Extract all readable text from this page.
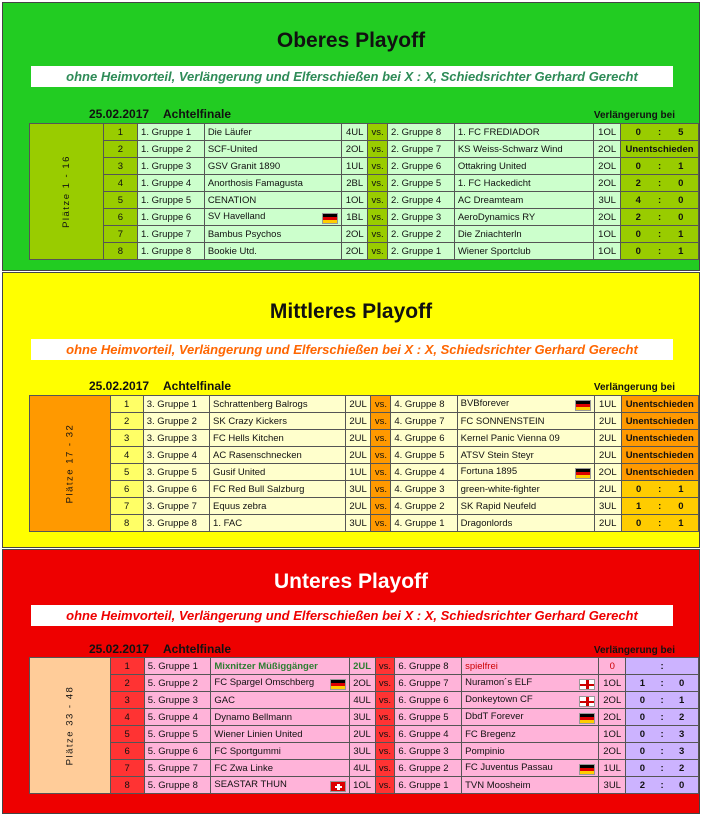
Oberes Playoff
ohne Heimvorteil, Verlängerung und Elferschießen bei X : X, Schiedsrichter Gerhard Gerecht
25.02.2017 Achtelfinale	Verlängerung bei
Plätze 1 - 16	1	1. Gruppe 1	Die Läufer	4UL	vs.	2. Gruppe 8	1. FC FREDIADOR	1OL	0 : 5

	2	1. Gruppe 2	SCF-United	2OL	vs.	2. Gruppe 7	KS Weiss-Schwarz Wind	2OL	Unentschieden
	3	1. Gruppe 3	GSV Granit 1890	1UL	vs.	2. Gruppe 6	Ottakring United	2OL	0 : 1

	4	1. Gruppe 4	Anorthosis Famagusta	2BL	vs.	2. Gruppe 5	1. FC Hackedicht	2OL	2 : 0

	5	1. Gruppe 5	CENATION	1OL	vs.	2. Gruppe 4	AC Dreamteam	3UL	4 : 0

	6	1. Gruppe 6	SV Havelland	1BL	vs.	2. Gruppe 3	AeroDynamics RY	2OL	2 : 0

	7	1. Gruppe 7	Bambus Psychos	2OL	vs.	2. Gruppe 2	Die Zniachterln	1OL	0 : 1

	8	1. Gruppe 8	Bookie Utd.	2OL	vs.	2. Gruppe 1	Wiener Sportclub	1OL	0 : 1
Mittleres Playoff
ohne Heimvorteil, Verlängerung und Elferschießen bei X : X, Schiedsrichter Gerhard Gerecht
25.02.2017 Achtelfinale	Verlängerung bei
Plätze 17 - 32	1	3. Gruppe 1	Schrattenberg Balrogs	2UL	vs.	4. Gruppe 8	BVBforever	1UL	Unentschieden
	2	3. Gruppe 2	SK Crazy Kickers	2UL	vs.	4. Gruppe 7	FC SONNENSTEIN	2UL	Unentschieden
	3	3. Gruppe 3	FC Hells Kitchen	2UL	vs.	4. Gruppe 6	Kernel Panic Vienna 09	2UL	Unentschieden
	4	3. Gruppe 4	AC Rasenschnecken	2UL	vs.	4. Gruppe 5	ATSV Stein Steyr	2UL	Unentschieden
	5	3. Gruppe 5	Gusif United	1UL	vs.	4. Gruppe 4	Fortuna 1895	2OL	Unentschieden
	6	3. Gruppe 6	FC Red Bull Salzburg	3UL	vs.	4. Gruppe 3	green-white-fighter	2UL	0 : 1

	7	3. Gruppe 7	Equus zebra	2UL	vs.	4. Gruppe 2	SK Rapid Neufeld	3UL	1 : 0

	8	3. Gruppe 8	1. FAC	3UL	vs.	4. Gruppe 1	Dragonlords	2UL	0 : 1
Unteres Playoff
ohne Heimvorteil, Verlängerung und Elferschießen bei X : X, Schiedsrichter Gerhard Gerecht
25.02.2017 Achtelfinale	Verlängerung bei
Plätze 33 - 48	1	5. Gruppe 1	Mixnitzer Müßiggänger	2UL	vs.	6. Gruppe 8	spielfrei	0	:

	2	5. Gruppe 2	FC Spargel Omschberg	2OL	vs.	6. Gruppe 7	Nuramon´s ELF	1OL	1 : 0

	3	5. Gruppe 3	GAC	4UL	vs.	6. Gruppe 6	Donkeytown CF	2OL	0 : 1

	4	5. Gruppe 4	Dynamo Bellmann	3UL	vs.	6. Gruppe 5	DbdT Forever	2OL	0 : 2

	5	5. Gruppe 5	Wiener Linien United	2UL	vs.	6. Gruppe 4	FC Bregenz	1OL	0 : 3

	6	5. Gruppe 6	FC Sportgummi	3UL	vs.	6. Gruppe 3	Pompinio	2OL	0 : 3

	7	5. Gruppe 7	FC Zwa Linke	4UL	vs.	6. Gruppe 2	FC Juventus Passau	1UL	0 : 2

	8	5. Gruppe 8	SEASTAR THUN	1OL	vs.	6. Gruppe 1	TVN Moosheim	3UL	2 : 0
